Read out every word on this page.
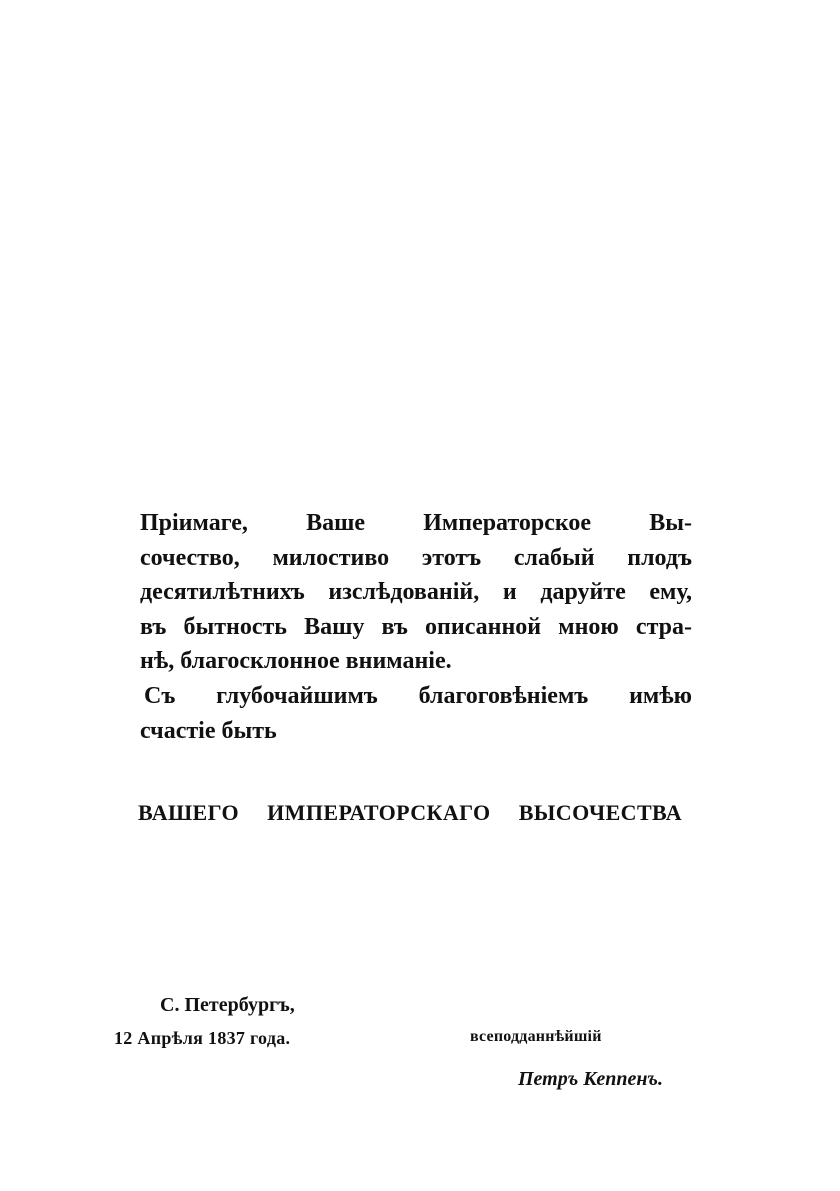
Пріимаге, Ваше Императорское Вы-
сочество, милостиво этотъ слабый плодъ
десятилѣтнихъ изслѣдованій, и даруйте ему,
въ бытность Вашу въ описанной мною стра-
нѣ, благосклонное вниманіе.
Съ глубочайшимъ благоговѣніемъ имѣю
счастіе быть
ВАШЕГО ИМПЕРАТОРСКАГО ВЫСОЧЕСТВА
С. Петербургъ,
12 Апрѣля 1837 года.	всеподданнѣйшій
Петръ Кеппенъ.
